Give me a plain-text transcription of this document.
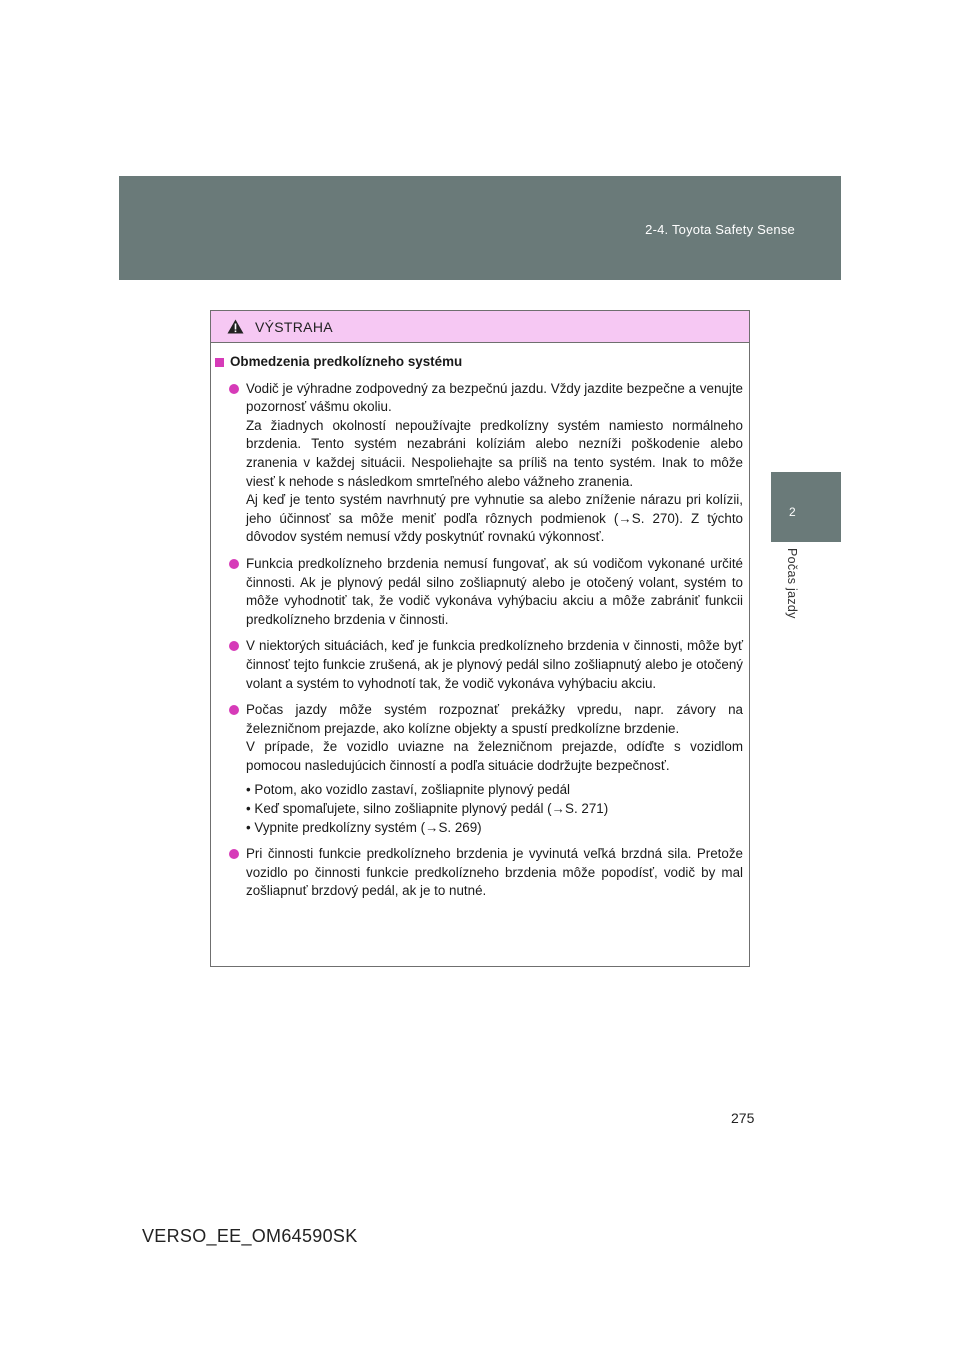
2-4. Toyota Safety Sense
2
Počas jazdy
VÝSTRAHA
Obmedzenia predkolízneho systému

Vodič je výhradne zodpovedný za bezpečnú jazdu. Vždy jazdite bezpečne a venujte pozornosť vášmu okoliu.

Za žiadnych okolností nepoužívajte predkolízny systém namiesto normálneho brzdenia. Tento systém nezabráni kolíziám alebo nezníži poškodenie alebo zranenia v každej situácii. Nespoliehajte sa príliš na tento systém. Inak to môže viesť k nehode s následkom smrteľného alebo vážneho zranenia.

Aj keď je tento systém navrhnutý pre vyhnutie sa alebo zníženie nárazu pri kolízii, jeho účinnosť sa môže meniť podľa rôznych podmienok (→S. 270). Z týchto dôvodov systém nemusí vždy poskytnúť rovnakú výkonnosť.

Funkcia predkolízneho brzdenia nemusí fungovať, ak sú vodičom vykonané určité činnosti. Ak je plynový pedál silno zošliapnutý alebo je otočený volant, systém to môže vyhodnotiť tak, že vodič vykonáva vyhýbaciu akciu a môže zabrániť funkcii predkolízneho brzdenia v činnosti.

V niektorých situáciách, keď je funkcia predkolízneho brzdenia v činnosti, môže byť činnosť tejto funkcie zrušená, ak je plynový pedál silno zošliapnutý alebo je otočený volant a systém to vyhodnotí tak, že vodič vykonáva vyhýbaciu akciu.

Počas jazdy môže systém rozpoznať prekážky vpredu, napr. závory na železničnom prejazde, ako kolízne objekty a spustí predkolízne brzdenie.

V prípade, že vozidlo uviazne na železničnom prejazde, odíďte s vozidlom pomocou nasledujúcich činností a podľa situácie dodržujte bezpečnosť.

• Potom, ako vozidlo zastaví, zošliapnite plynový pedál
• Keď spomaľujete, silno zošliapnite plynový pedál (→S. 271)
• Vypnite predkolízny systém (→S. 269)

Pri činnosti funkcie predkolízneho brzdenia je vyvinutá veľká brzdná sila. Pretože vozidlo po činnosti funkcie predkolízneho brzdenia môže popodísť, vodič by mal zošliapnuť brzdový pedál, ak je to nutné.

275
VERSO_EE_OM64590SK
